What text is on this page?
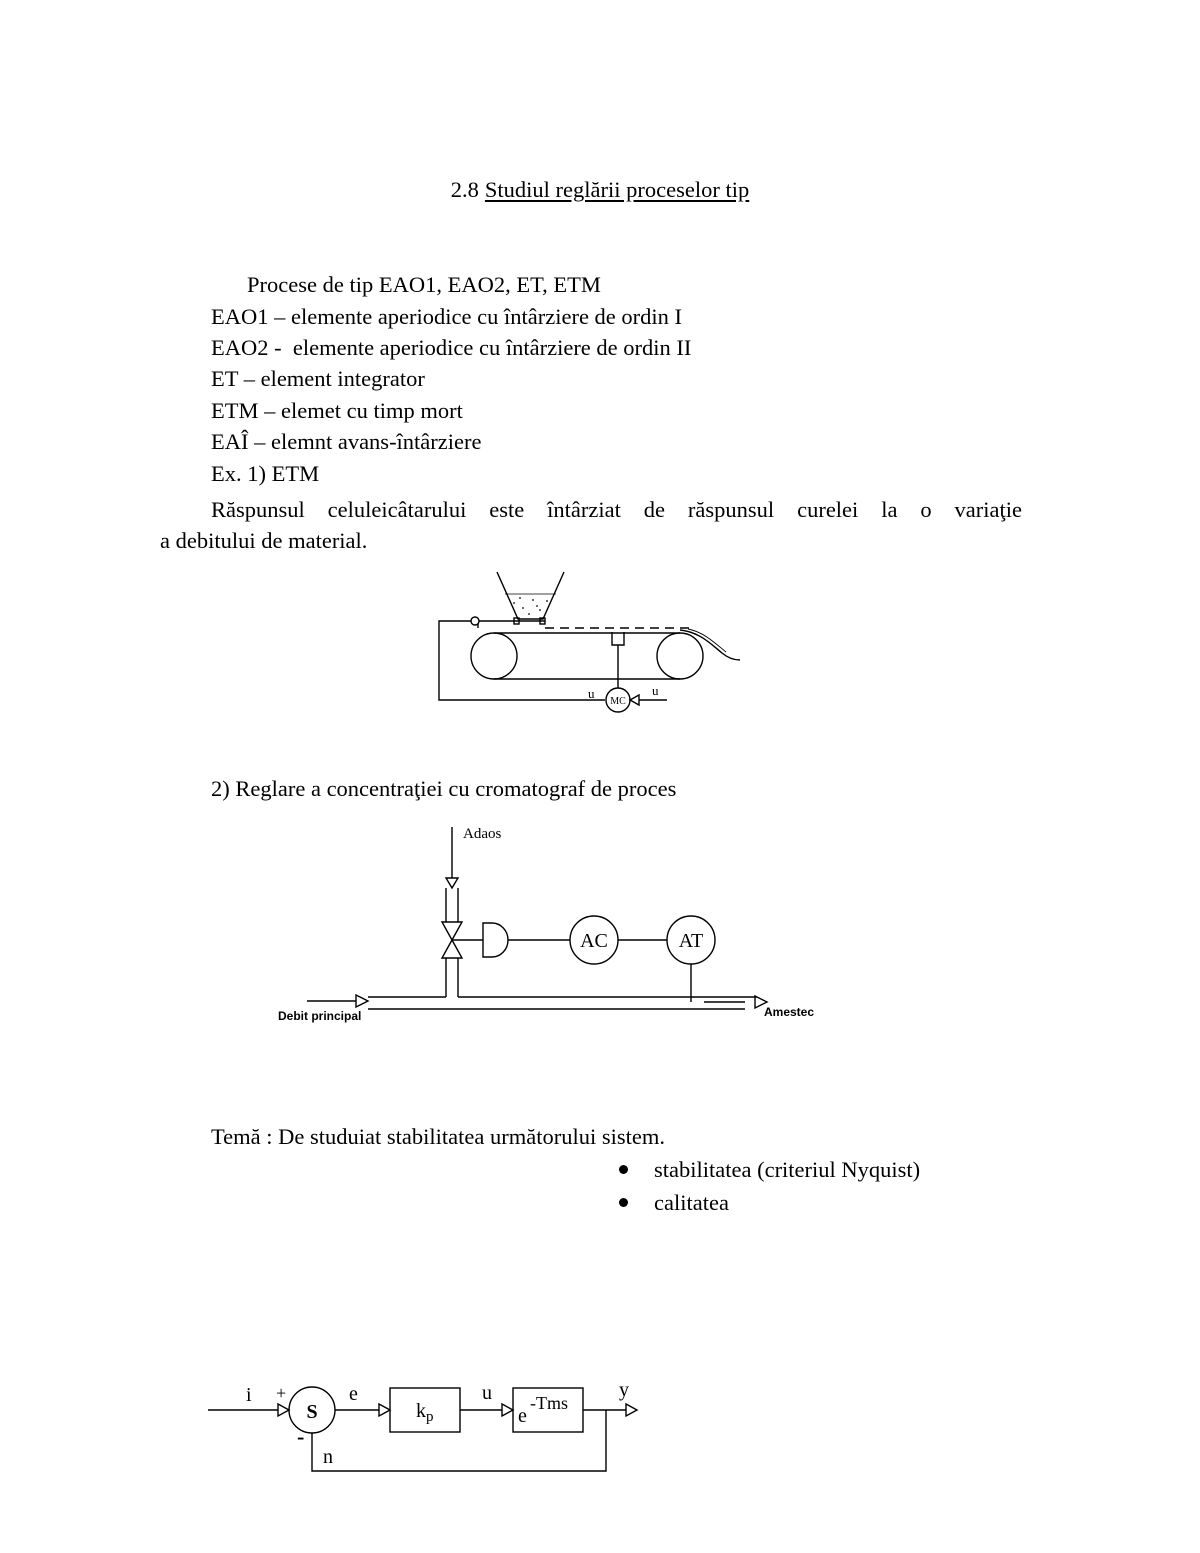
2.8 Studiul reglării proceselor tip
Procese de tip EAO1, EAO2, ET, ETM
EAO1 – elemente aperiodice cu întârziere de ordin I
EAO2 -  elemente aperiodice cu întârziere de ordin II
ET – element integrator
ETM – elemet cu timp mort
EAÎ – elemnt avans-întârziere
Ex. 1) ETM
Răspunsul celuleicâtarului este întârziat de răspunsul curelei la o variaţie
a debitului de material.
u
MC
u
2) Reglare a concentraţiei cu cromatograf de proces
Adaos
AC	AT
Debit principal	Amestec
Temă : De studuiat stabilitatea următorului sistem.
stabilitatea (criteriul Nyquist)
calitatea
i +
-
S
e
$k_p$
u
e
-Tms
y
n
